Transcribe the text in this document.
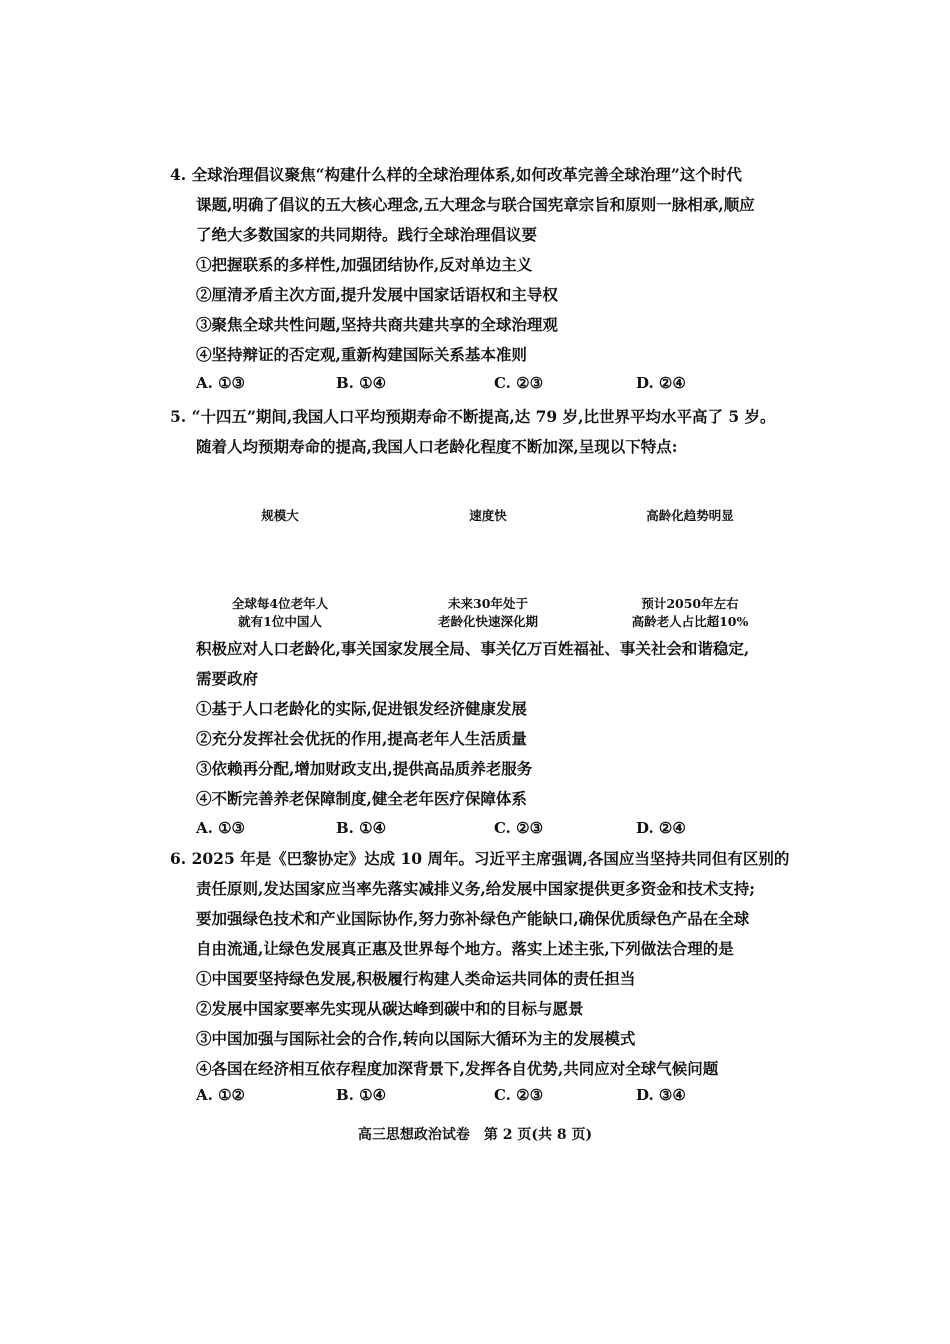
4. 全球治理倡议聚焦“构建什么样的全球治理体系,如何改革完善全球治理”这个时代
课题,明确了倡议的五大核心理念,五大理念与联合国宪章宗旨和原则一脉相承,顺应
了绝大多数国家的共同期待。践行全球治理倡议要
①把握联系的多样性,加强团结协作,反对单边主义
②厘清矛盾主次方面,提升发展中国家话语权和主导权
③聚焦全球共性问题,坚持共商共建共享的全球治理观
④坚持辩证的否定观,重新构建国际关系基本准则
A. ①③	B. ①④	C. ②③	D. ②④
5. “十四五”期间,我国人口平均预期寿命不断提高,达 79 岁,比世界平均水平高了 5 岁。
随着人均预期寿命的提高,我国人口老龄化程度不断加深,呈现以下特点:
规模大	速度快	高龄化趋势明显
全球每4位老年人
就有1位中国人
未来30年处于
老龄化快速深化期
预计2050年左右
高龄老人占比超10%
积极应对人口老龄化,事关国家发展全局、事关亿万百姓福祉、事关社会和谐稳定,
需要政府
①基于人口老龄化的实际,促进银发经济健康发展
②充分发挥社会优抚的作用,提高老年人生活质量
③依赖再分配,增加财政支出,提供高品质养老服务
④不断完善养老保障制度,健全老年医疗保障体系
A. ①③	B. ①④	C. ②③	D. ②④
6. 2025 年是《巴黎协定》达成 10 周年。习近平主席强调,各国应当坚持共同但有区别的
责任原则,发达国家应当率先落实减排义务,给发展中国家提供更多资金和技术支持;
要加强绿色技术和产业国际协作,努力弥补绿色产能缺口,确保优质绿色产品在全球
自由流通,让绿色发展真正惠及世界每个地方。落实上述主张,下列做法合理的是
①中国要坚持绿色发展,积极履行构建人类命运共同体的责任担当
②发展中国家要率先实现从碳达峰到碳中和的目标与愿景
③中国加强与国际社会的合作,转向以国际大循环为主的发展模式
④各国在经济相互依存程度加深背景下,发挥各自优势,共同应对全球气候问题
A. ①②	B. ①④	C. ②③	D. ③④
高三思想政治试卷　第 2 页(共 8 页)
